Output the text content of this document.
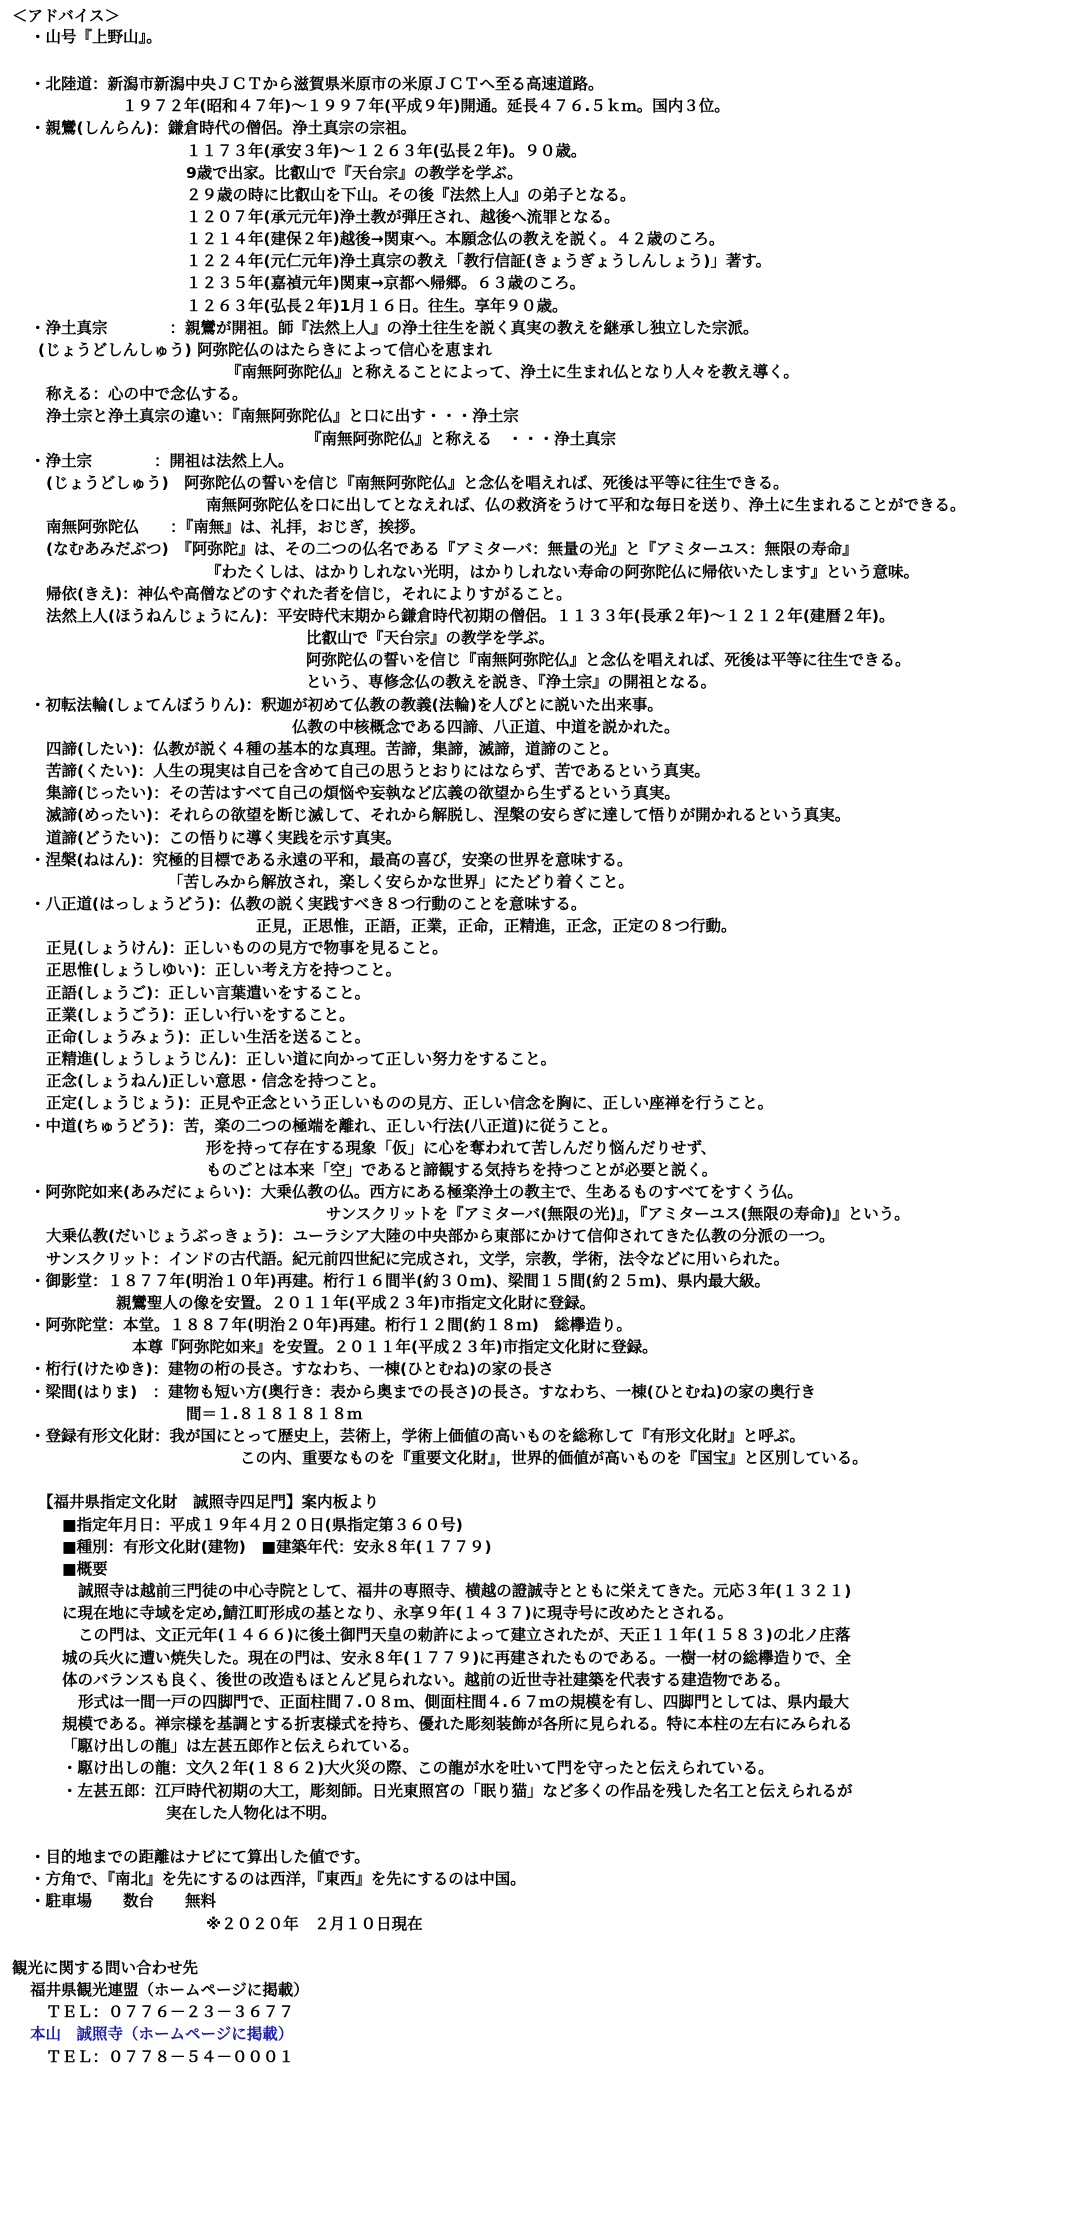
＜アドバイス＞

・山号『上野山』。

・北陸道：新潟市新潟中央ＪＣＴから滋賀県米原市の米原ＪＣＴへ至る高速道路。

１９７２年(昭和４７年)～１９９７年(平成９年)開通。延長４７６.５ｋｍ。国内３位。

・親鸞(しんらん)：鎌倉時代の僧侶。浄土真宗の宗祖。

１１７３年(承安３年)～１２６３年(弘長２年)。９０歳。

9歳で出家。比叡山で『天台宗』の教学を学ぶ。

２９歳の時に比叡山を下山。その後『法然上人』の弟子となる。

１２０７年(承元元年)浄土教が弾圧され、越後へ流罪となる。

１２１４年(建保２年)越後→関東へ。本願念仏の教えを説く。４２歳のころ。

１２２４年(元仁元年)浄土真宗の教え「教行信証(きょうぎょうしんしょう)」著す。

１２３５年(嘉禎元年)関東→京都へ帰郷。６３歳のころ。

１２６３年(弘長２年)1月１６日。往生。享年９０歳。

・浄土真宗　　　　：親鸞が開祖。師『法然上人』の浄土往生を説く真実の教えを継承し独立した宗派。

(じょうどしんしゅう) 阿弥陀仏のはたらきによって信心を恵まれ

『南無阿弥陀仏』と称えることによって、浄土に生まれ仏となり人々を教え導く。

称える：心の中で念仏する。

浄土宗と浄土真宗の違い：『南無阿弥陀仏』と口に出す・・・浄土宗

『南無阿弥陀仏』と称える　・・・浄土真宗

・浄土宗　　　　：開祖は法然上人。

(じょうどしゅう)　阿弥陀仏の誓いを信じ『南無阿弥陀仏』と念仏を唱えれば、死後は平等に往生できる。

南無阿弥陀仏を口に出してとなえれば、仏の救済をうけて平和な毎日を送り、浄土に生まれることができる。

南無阿弥陀仏　　：『南無』は、礼拝，おじぎ，挨拶。

(なむあみだぶつ)　『阿弥陀』は、その二つの仏名である『アミターバ：無量の光』と『アミターユス：無限の寿命』

『わたくしは、はかりしれない光明，はかりしれない寿命の阿弥陀仏に帰依いたします』という意味。

帰依(きえ)：神仏や高僧などのすぐれた者を信じ，それによりすがること。

法然上人(ほうねんじょうにん)：平安時代末期から鎌倉時代初期の僧侶。１１３３年(長承２年)～１２１２年(建暦２年)。

比叡山で『天台宗』の教学を学ぶ。

阿弥陀仏の誓いを信じ『南無阿弥陀仏』と念仏を唱えれば、死後は平等に往生できる。

という、専修念仏の教えを説き、『浄土宗』の開祖となる。

・初転法輪(しょてんぼうりん)：釈迦が初めて仏教の教義(法輪)を人びとに説いた出来事。

仏教の中核概念である四諦、八正道、中道を説かれた。

四諦(したい)：仏教が説く４種の基本的な真理。苦諦，集諦，滅諦，道諦のこと。

苦諦(くたい)：人生の現実は自己を含めて自己の思うとおりにはならず、苦であるという真実。

集諦(じったい)：その苦はすべて自己の煩悩や妄執など広義の欲望から生ずるという真実。

滅諦(めったい)：それらの欲望を断じ滅して、それから解脱し、涅槃の安らぎに達して悟りが開かれるという真実。

道諦(どうたい)：この悟りに導く実践を示す真実。

・涅槃(ねはん)：究極的目標である永遠の平和，最高の喜び，安楽の世界を意味する。

「苦しみから解放され，楽しく安らかな世界」にたどり着くこと。

・八正道(はっしょうどう)：仏教の説く実践すべき８つ行動のことを意味する。

正見，正思惟，正語，正業，正命，正精進，正念，正定の８つ行動。

正見(しょうけん)：正しいものの見方で物事を見ること。

正思惟(しょうしゆい)：正しい考え方を持つこと。

正語(しょうご)：正しい言葉遣いをすること。

正業(しょうごう)：正しい行いをすること。

正命(しょうみょう)：正しい生活を送ること。

正精進(しょうしょうじん)：正しい道に向かって正しい努力をすること。

正念(しょうねん)正しい意思・信念を持つこと。

正定(しょうじょう)：正見や正念という正しいものの見方、正しい信念を胸に、正しい座禅を行うこと。

・中道(ちゅうどう)：苦，楽の二つの極端を離れ、正しい行法(八正道)に従うこと。

形を持って存在する現象「仮」に心を奪われて苦しんだり悩んだりせず、

ものごとは本来「空」であると諦観する気持ちを持つことが必要と説く。

・阿弥陀如来(あみだにょらい)：大乗仏教の仏。西方にある極楽浄土の教主で、生あるものすべてをすくう仏。

サンスクリットを『アミターバ(無限の光)』，『アミターユス(無限の寿命)』という。

大乗仏教(だいじょうぶっきょう)：ユーラシア大陸の中央部から東部にかけて信仰されてきた仏教の分派の一つ。

サンスクリット：インドの古代語。紀元前四世紀に完成され，文学，宗教，学術，法令などに用いられた。

・御影堂：１８７７年(明治１０年)再建。桁行１６間半(約３０ｍ)、梁間１５間(約２５ｍ)、県内最大級。

親鸞聖人の像を安置。２０１１年(平成２３年)市指定文化財に登録。

・阿弥陀堂：本堂。１８８７年(明治２０年)再建。桁行１２間(約１８ｍ)　総欅造り。

本尊『阿弥陀如来』を安置。２０１１年(平成２３年)市指定文化財に登録。

・桁行(けたゆき)：建物の桁の長さ。すなわち、一棟(ひとむね)の家の長さ

・梁間(はりま)　：建物も短い方(奥行き：表から奥までの長さ)の長さ。すなわち、一棟(ひとむね)の家の奥行き

間＝１.８１８１８１８ｍ

・登録有形文化財：我が国にとって歴史上，芸術上，学術上価値の高いものを総称して『有形文化財』と呼ぶ。

この内、重要なものを『重要文化財』，世界的価値が高いものを『国宝』と区別している。

【福井県指定文化財　誠照寺四足門】案内板より

■指定年月日：平成１９年４月２０日(県指定第３６０号)

■種別：有形文化財(建物)　■建築年代：安永８年(１７７９)

■概要

誠照寺は越前三門徒の中心寺院として、福井の専照寺、横越の證誠寺とともに栄えてきた。元応３年(１３２１)

に現在地に寺域を定め,鯖江町形成の基となり、永享９年(１４３７)に現寺号に改めたとされる。

この門は、文正元年(１４６６)に後土御門天皇の勅許によって建立されたが、天正１１年(１５８３)の北ノ庄落

城の兵火に遭い焼失した。現在の門は、安永８年(１７７９)に再建されたものである。一樹一材の総欅造りで、全

体のバランスも良く、後世の改造もほとんど見られない。越前の近世寺社建築を代表する建造物である。

形式は一間一戸の四脚門で、正面柱間７.０８ｍ、側面柱間４.６７ｍの規模を有し、四脚門としては、県内最大

規模である。禅宗様を基調とする折衷様式を持ち、優れた彫刻装飾が各所に見られる。特に本柱の左右にみられる

「駆け出しの龍」は左甚五郎作と伝えられている。

・駆け出しの龍：文久２年(１８６２)大火災の際、この龍が水を吐いて門を守ったと伝えられている。

・左甚五郎：江戸時代初期の大工，彫刻師。日光東照宮の「眠り猫」など多くの作品を残した名工と伝えられるが

実在した人物化は不明。

・目的地までの距離はナビにて算出した値です。

・方角で、『南北』を先にするのは西洋，『東西』を先にするのは中国。

・駐車場　　数台　　無料

※２０２０年　２月１０日現在

観光に関する問い合わせ先

福井県観光連盟（ホームページに掲載）

ＴＥＬ：０７７６－２３－３６７７

本山　誠照寺（ホームページに掲載）

ＴＥＬ：０７７８－５４－０００１
